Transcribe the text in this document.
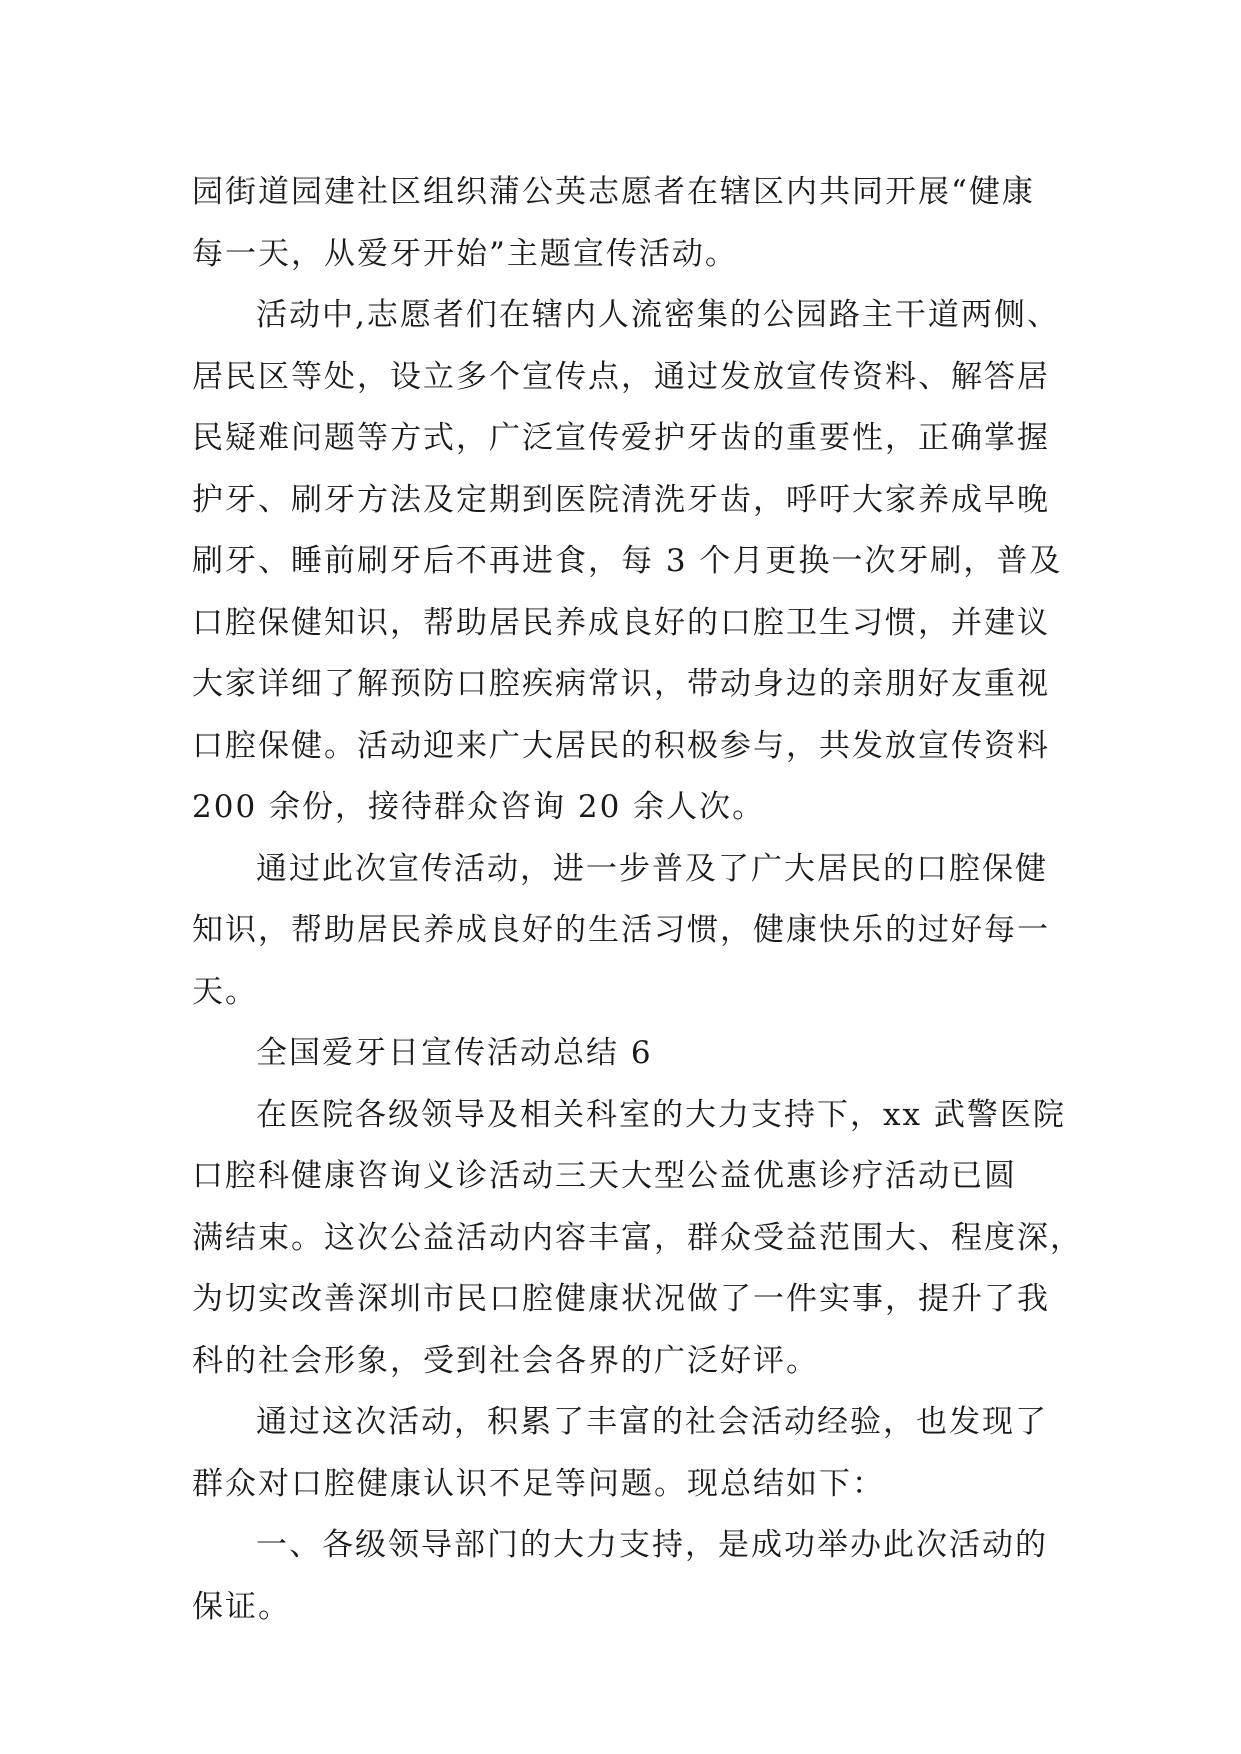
园街道园建社区组织蒲公英志愿者在辖区内共同开展“健康
每一天，从爱牙开始”主题宣传活动。
活动中,志愿者们在辖内人流密集的公园路主干道两侧、
居民区等处，设立多个宣传点，通过发放宣传资料、解答居
民疑难问题等方式，广泛宣传爱护牙齿的重要性，正确掌握
护牙、刷牙方法及定期到医院清洗牙齿，呼吁大家养成早晚
刷牙、睡前刷牙后不再进食，每 3 个月更换一次牙刷，普及
口腔保健知识，帮助居民养成良好的口腔卫生习惯，并建议
大家详细了解预防口腔疾病常识，带动身边的亲朋好友重视
口腔保健。活动迎来广大居民的积极参与，共发放宣传资料
200 余份，接待群众咨询 20 余人次。
通过此次宣传活动，进一步普及了广大居民的口腔保健
知识，帮助居民养成良好的生活习惯，健康快乐的过好每一
天。
全国爱牙日宣传活动总结 6
在医院各级领导及相关科室的大力支持下，xx 武警医院
口腔科健康咨询义诊活动三天大型公益优惠诊疗活动已圆
满结束。这次公益活动内容丰富，群众受益范围大、程度深，
为切实改善深圳市民口腔健康状况做了一件实事，提升了我
科的社会形象，受到社会各界的广泛好评。
通过这次活动，积累了丰富的社会活动经验，也发现了
群众对口腔健康认识不足等问题。现总结如下：
一、各级领导部门的大力支持，是成功举办此次活动的
保证。
